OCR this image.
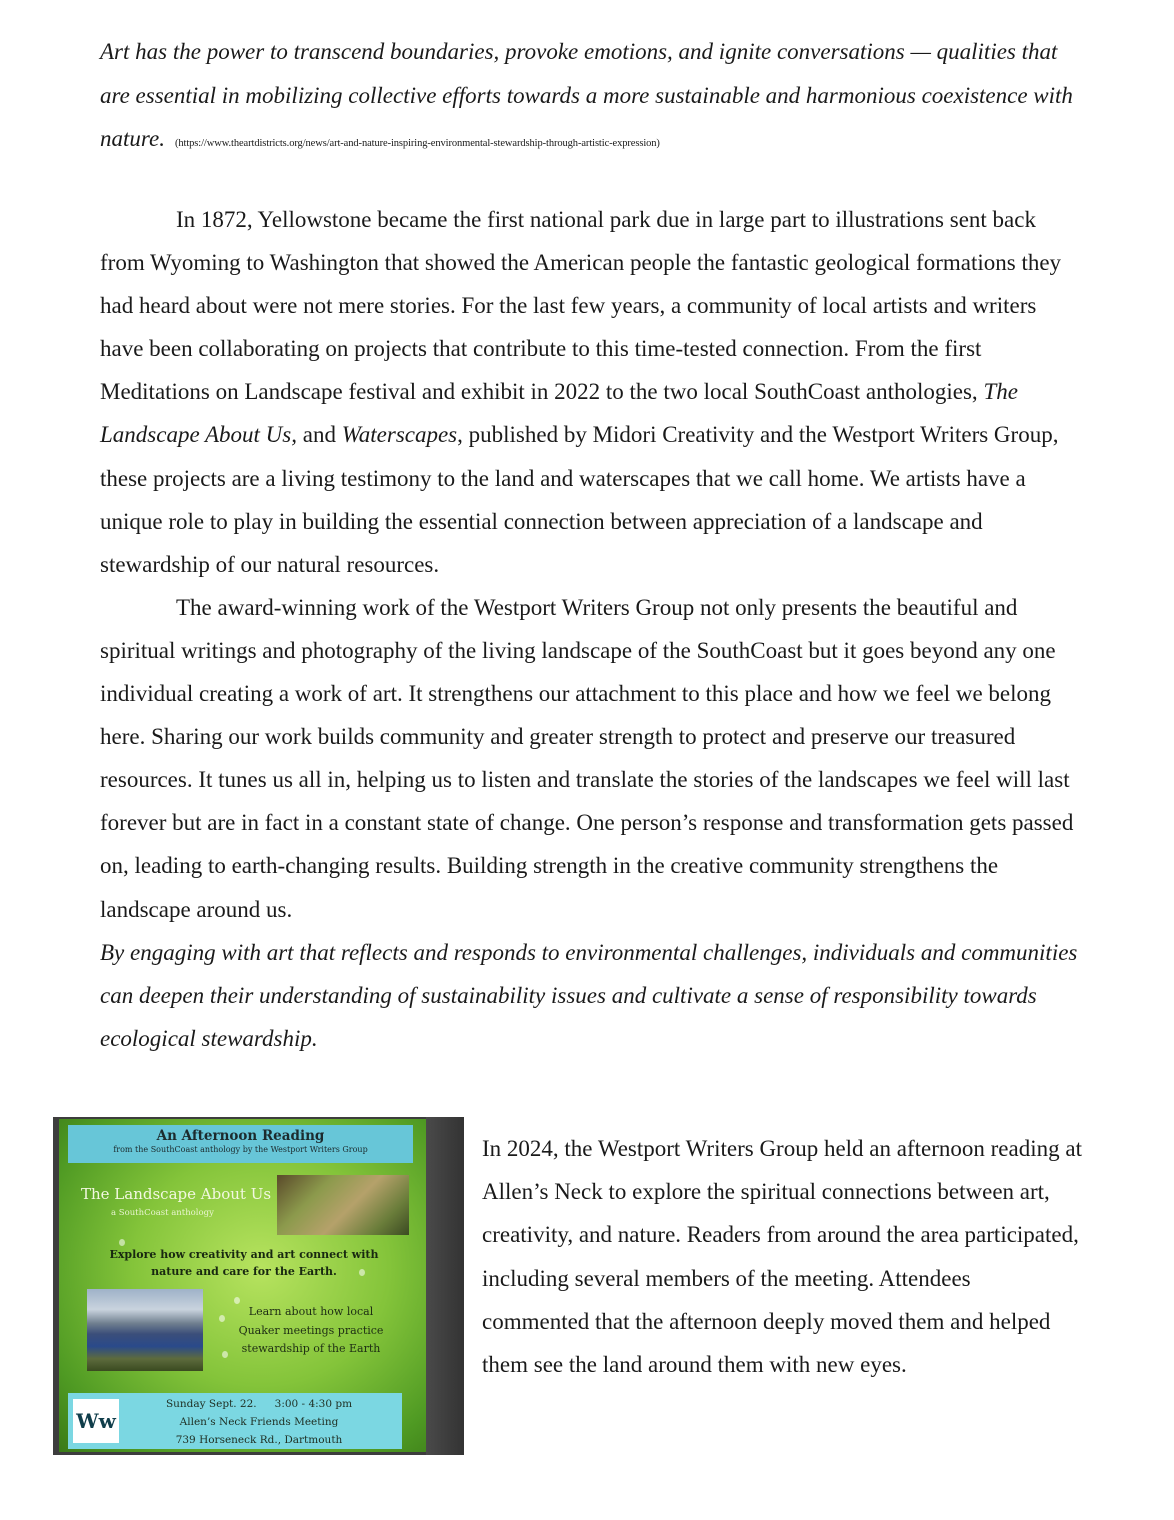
Art has the power to transcend boundaries, provoke emotions, and ignite conversations — qualities that are essential in mobilizing collective efforts towards a more sustainable and harmonious coexistence with nature. (https://www.theartdistricts.org/news/art-and-nature-inspiring-environmental-stewardship-through-artistic-expression)

In 1872, Yellowstone became the first national park due in large part to illustrations sent back from Wyoming to Washington that showed the American people the fantastic geological formations they had heard about were not mere stories. For the last few years, a community of local artists and writers have been collaborating on projects that contribute to this time-tested connection. From the first Meditations on Landscape festival and exhibit in 2022 to the two local SouthCoast anthologies, The Landscape About Us, and Waterscapes, published by Midori Creativity and the Westport Writers Group, these projects are a living testimony to the land and waterscapes that we call home. We artists have a unique role to play in building the essential connection between appreciation of a landscape and stewardship of our natural resources.

The award-winning work of the Westport Writers Group not only presents the beautiful and spiritual writings and photography of the living landscape of the SouthCoast but it goes beyond any one individual creating a work of art. It strengthens our attachment to this place and how we feel we belong here. Sharing our work builds community and greater strength to protect and preserve our treasured resources. It tunes us all in, helping us to listen and translate the stories of the landscapes we feel will last forever but are in fact in a constant state of change. One person’s response and transformation gets passed on, leading to earth-changing results. Building strength in the creative community strengthens the landscape around us.

By engaging with art that reflects and responds to environmental challenges, individuals and communities can deepen their understanding of sustainability issues and cultivate a sense of responsibility towards ecological stewardship.

An Afternoon Reading
from the SouthCoast anthology by the Westport Writers Group
The Landscape About Us
a SouthCoast anthology
Explore how creativity and art connect with
nature and care for the Earth.
Learn about how local
Quaker meetings practice
stewardship of the Earth
Ww
Sunday Sept. 22. 3:00 - 4:30 pm
Allen’s Neck Friends Meeting
739 Horseneck Rd., Dartmouth
In 2024, the Westport Writers Group held an afternoon reading at Allen’s Neck to explore the spiritual connections between art, creativity, and nature. Readers from around the area participated, including several members of the meeting. Attendees commented that the afternoon deeply moved them and helped them see the land around them with new eyes.
